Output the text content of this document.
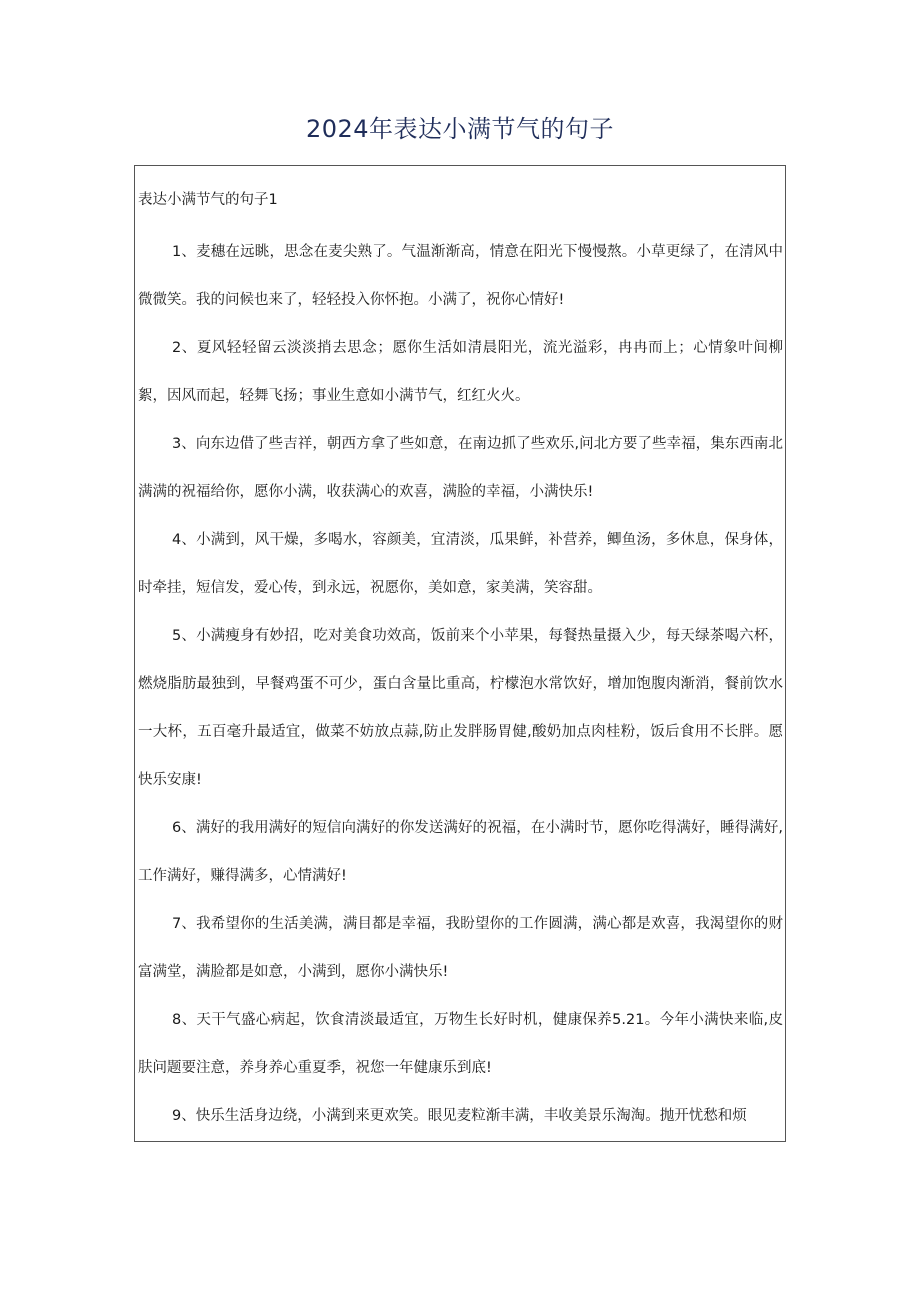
2024年表达小满节气的句子
表达小满节气的句子1

1、麦穗在远眺，思念在麦尖熟了。气温渐渐高，情意在阳光下慢慢熬。小草更绿了，在清风中微微笑。我的问候也来了，轻轻投入你怀抱。小满了，祝你心情好!

2、夏风轻轻留云淡淡捎去思念；愿你生活如清晨阳光，流光溢彩，冉冉而上；心情象叶间柳絮，因风而起，轻舞飞扬；事业生意如小满节气，红红火火。

3、向东边借了些吉祥，朝西方拿了些如意，在南边抓了些欢乐,问北方要了些幸福，集东西南北满满的祝福给你，愿你小满，收获满心的欢喜，满脸的幸福，小满快乐!

4、小满到，风干燥，多喝水，容颜美，宜清淡，瓜果鲜，补营养，鲫鱼汤，多休息，保身体，时牵挂，短信发，爱心传，到永远，祝愿你，美如意，家美满，笑容甜。

5、小满瘦身有妙招，吃对美食功效高，饭前来个小苹果，每餐热量摄入少，每天绿茶喝六杯，燃烧脂肪最独到，早餐鸡蛋不可少，蛋白含量比重高，柠檬泡水常饮好，增加饱腹肉渐消，餐前饮水一大杯，五百毫升最适宜，做菜不妨放点蒜,防止发胖肠胃健,酸奶加点肉桂粉，饭后食用不长胖。愿快乐安康!

6、满好的我用满好的短信向满好的你发送满好的祝福，在小满时节，愿你吃得满好，睡得满好,工作满好，赚得满多，心情满好!

7、我希望你的生活美满，满目都是幸福，我盼望你的工作圆满，满心都是欢喜，我渴望你的财富满堂，满脸都是如意，小满到，愿你小满快乐!

8、天干气盛心病起，饮食清淡最适宜，万物生长好时机，健康保养5.21。今年小满快来临,皮肤问题要注意，养身养心重夏季，祝您一年健康乐到底!

9、快乐生活身边绕，小满到来更欢笑。眼见麦粒渐丰满，丰收美景乐淘淘。抛开忧愁和烦
